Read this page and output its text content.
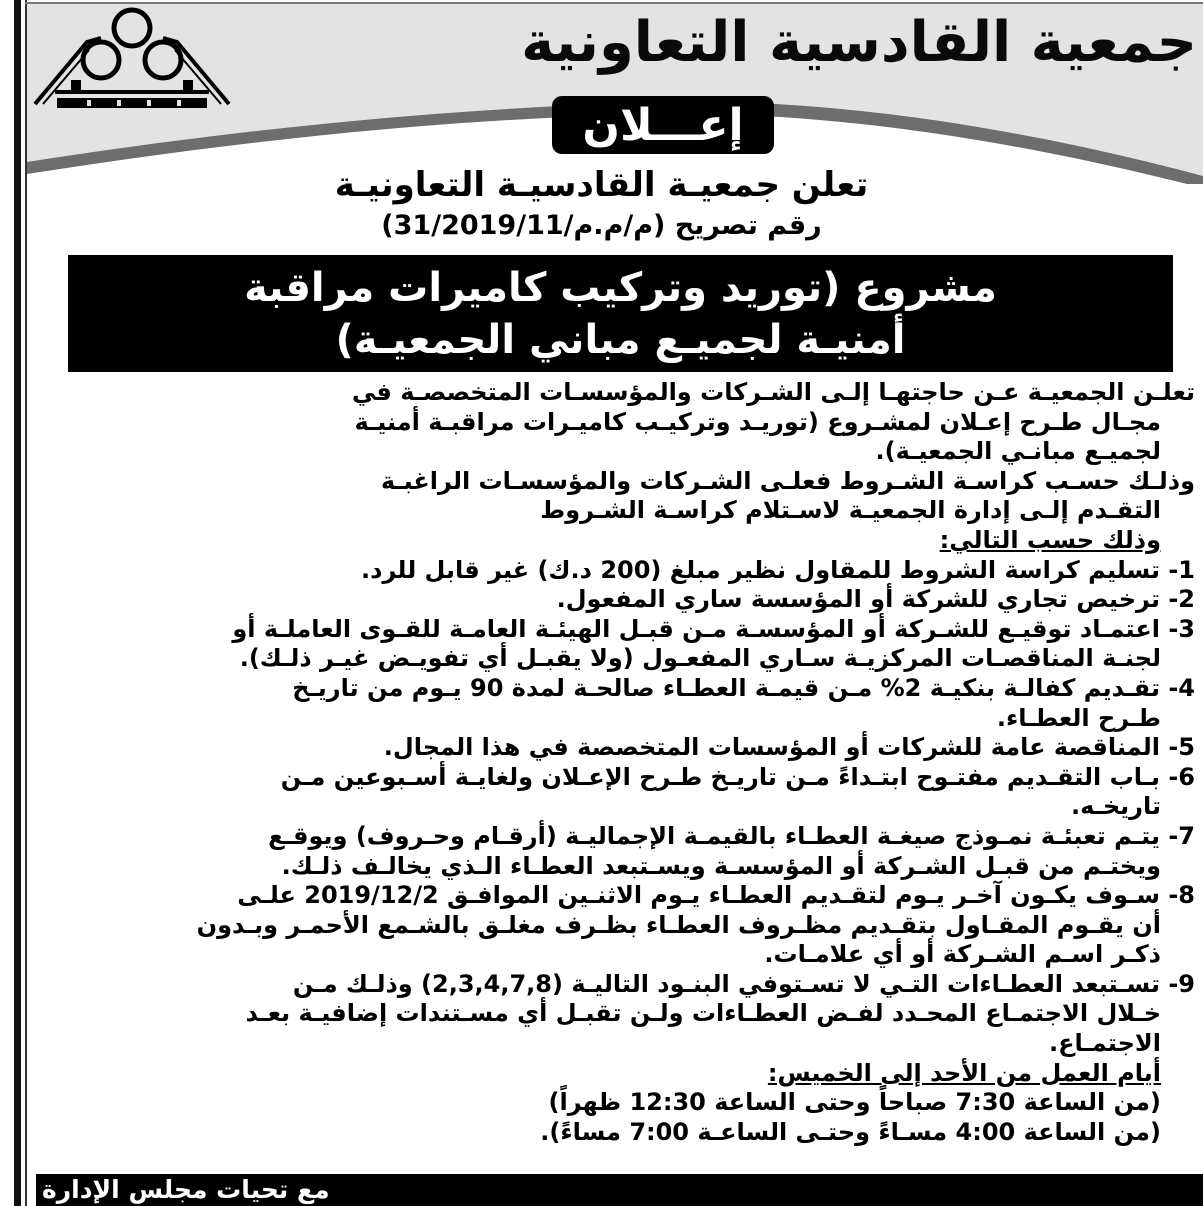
جمعية القادسية التعاونية
إعـــلان
تعلن جمعيـة القادسيـة التعاونيـة
رقم تصريح (م/م.م/31/2019/11)
مشروع (توريد وتركيب كاميرات مراقبة
أمنيـة لجميـع مباني الجمعيـة)

تعلـن الجمعيـة عـن حاجتهـا إلـى الشـركات والمؤسسـات المتخصصـة في

مجـال طـرح إعـلان لمشـروع (توريـد وتركيـب كاميـرات مراقبـة أمنيـة

لجميـع مبانـي الجمعيـة).

وذلـك حسـب كراسـة الشـروط فعلـى الشـركات والمؤسسـات الراغبـة

التقـدم إلـى إدارة الجمعيـة لاسـتلام كراسـة الشـروط

وذلك حسب التالي:

1- تسليم كراسة الشروط للمقاول نظير مبلغ (200 د.ك) غير قابل للرد.

2- ترخيص تجاري للشركة أو المؤسسة ساري المفعول.

3- اعتمـاد توقيـع للشـركة أو المؤسسـة مـن قبـل الهيئـة العامـة للقـوى العاملـة أو

لجنـة المناقصـات المركزيـة سـاري المفعـول (ولا يقبـل أي تفويـض غيـر ذلـك).

4- تقـديم كفالـة بنكيـة 2% مـن قيمـة العطـاء صالحـة لمدة 90 يـوم من تاريـخ

طـرح العطـاء.

5- المناقصة عامة للشركات أو المؤسسات المتخصصة في هذا المجال.

6- بـاب التقـديم مفتـوح ابتـداءً مـن تاريـخ طـرح الإعـلان ولغايـة أسـبوعين مـن

تاريخـه.

7- يتـم تعبئـة نمـوذج صيغـة العطـاء بالقيمـة الإجماليـة (أرقـام وحـروف) ويوقـع

ويختـم من قبـل الشـركة أو المؤسسـة ويسـتبعد العطـاء الـذي يخالـف ذلـك.

8- سـوف يكـون آخـر يـوم لتقـديم العطـاء يـوم الاثنـين الموافـق 2019/12/2 علـى

أن يقـوم المقـاول بتقـديم مظـروف العطـاء بظـرف مغلـق بالشـمع الأحمـر وبـدون

ذكـر اسـم الشـركة أو أي علامـات.

9- تسـتبعد العطـاءات التـي لا تسـتوفي البنـود التاليـة (2,3,4,7,8) وذلـك مـن

خـلال الاجتمـاع المحـدد لفـض العطـاءات ولـن تقبـل أي مسـتندات إضافيـة بعـد

الاجتمـاع.

أيام العمل من الأحد إلى الخميس:

(من الساعة 7:30 صباحاً وحتى الساعة 12:30 ظهراً)

(من الساعة 4:00 مسـاءً وحتـى الساعـة 7:00 مساءً).

مع تحيات مجلس الإدارة
